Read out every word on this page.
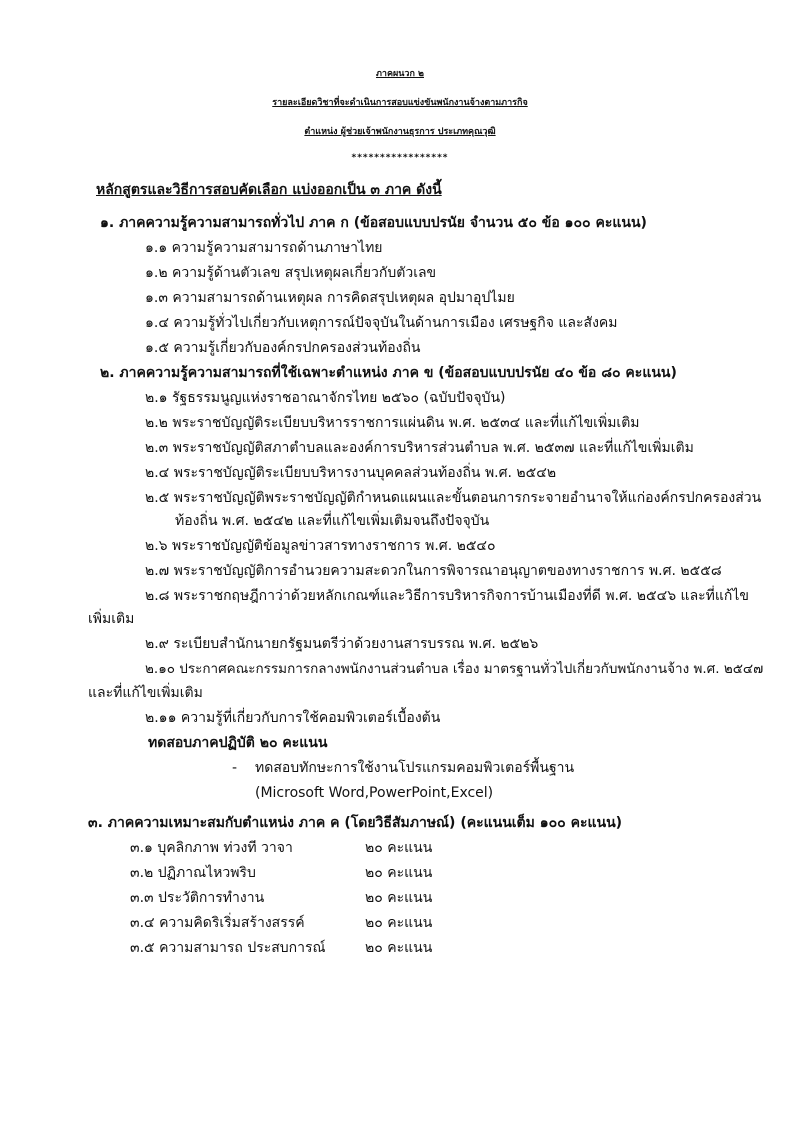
ภาคผนวก ๒
รายละเอียดวิชาที่จะดำเนินการสอบแข่งขันพนักงานจ้างตามภารกิจ
ตำแหน่ง ผู้ช่วยเจ้าพนักงานธุรการ ประเภทคุณวุฒิ
*****************
หลักสูตรและวิธีการสอบคัดเลือก แบ่งออกเป็น ๓ ภาค ดังนี้
๑. ภาคความรู้ความสามารถทั่วไป ภาค ก (ข้อสอบแบบปรนัย จำนวน ๕๐ ข้อ ๑๐๐ คะแนน)
๑.๑ ความรู้ความสามารถด้านภาษาไทย
๑.๒ ความรู้ด้านตัวเลข สรุปเหตุผลเกี่ยวกับตัวเลข
๑.๓ ความสามารถด้านเหตุผล การคิดสรุปเหตุผล อุปมาอุปไมย
๑.๔ ความรู้ทั่วไปเกี่ยวกับเหตุการณ์ปัจจุบันในด้านการเมือง เศรษฐกิจ และสังคม
๑.๕ ความรู้เกี่ยวกับองค์กรปกครองส่วนท้องถิ่น
๒. ภาคความรู้ความสามารถที่ใช้เฉพาะตำแหน่ง ภาค ข (ข้อสอบแบบปรนัย ๔๐ ข้อ ๘๐ คะแนน)
๒.๑ รัฐธรรมนูญแห่งราชอาณาจักรไทย ๒๕๖๐ (ฉบับปัจจุบัน)
๒.๒ พระราชบัญญัติระเบียบบริหารราชการแผ่นดิน พ.ศ. ๒๕๓๔ และที่แก้ไขเพิ่มเติม
๒.๓ พระราชบัญญัติสภาตำบลและองค์การบริหารส่วนตำบล พ.ศ. ๒๕๓๗ และที่แก้ไขเพิ่มเติม
๒.๔ พระราชบัญญัติระเบียบบริหารงานบุคคลส่วนท้องถิ่น พ.ศ. ๒๕๔๒
๒.๕ พระราชบัญญัติพระราชบัญญัติกำหนดแผนและขั้นตอนการกระจายอำนาจให้แก่องค์กรปกครองส่วน
ท้องถิ่น พ.ศ. ๒๕๔๒ และที่แก้ไขเพิ่มเติมจนถึงปัจจุบัน
๒.๖ พระราชบัญญัติข้อมูลข่าวสารทางราชการ พ.ศ. ๒๕๔๐
๒.๗ พระราชบัญญัติการอำนวยความสะดวกในการพิจารณาอนุญาตของทางราชการ พ.ศ. ๒๕๕๘
๒.๘ พระราชกฤษฎีกาว่าด้วยหลักเกณฑ์และวิธีการบริหารกิจการบ้านเมืองที่ดี พ.ศ. ๒๕๔๖ และที่แก้ไข
เพิ่มเติม
๒.๙ ระเบียบสำนักนายกรัฐมนตรีว่าด้วยงานสารบรรณ พ.ศ. ๒๕๒๖
๒.๑๐ ประกาศคณะกรรมการกลางพนักงานส่วนตำบล เรื่อง มาตรฐานทั่วไปเกี่ยวกับพนักงานจ้าง พ.ศ. ๒๕๔๗
และที่แก้ไขเพิ่มเติม
๒.๑๑ ความรู้ที่เกี่ยวกับการใช้คอมพิวเตอร์เบื้องต้น
ทดสอบภาคปฏิบัติ ๒๐ คะแนน
- ทดสอบทักษะการใช้งานโปรแกรมคอมพิวเตอร์พื้นฐาน
(Microsoft Word,PowerPoint,Excel)
๓. ภาคความเหมาะสมกับตำแหน่ง ภาค ค (โดยวิธีสัมภาษณ์) (คะแนนเต็ม ๑๐๐ คะแนน)
๓.๑ บุคลิกภาพ ท่วงที วาจา	๒๐ คะแนน
๓.๒ ปฏิภาณไหวพริบ	๒๐ คะแนน
๓.๓ ประวัติการทำงาน	๒๐ คะแนน
๓.๔ ความคิดริเริ่มสร้างสรรค์	๒๐ คะแนน
๓.๕ ความสามารถ ประสบการณ์	๒๐ คะแนน
